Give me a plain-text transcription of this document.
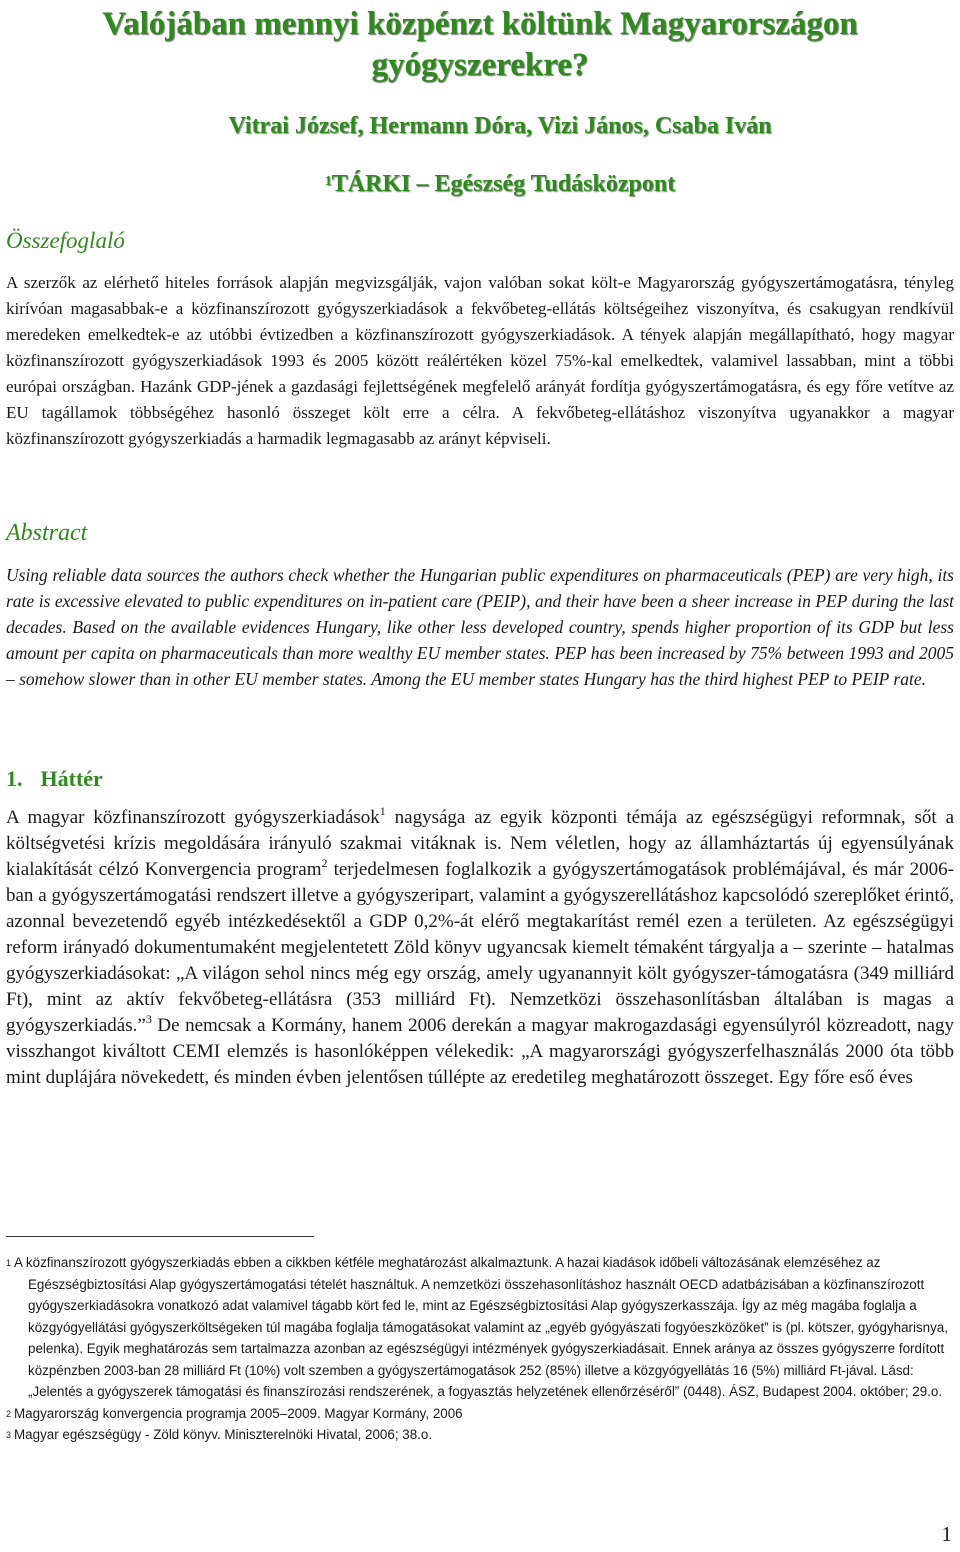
Valójában mennyi közpénzt költünk Magyarországon gyógyszerekre?
Vitrai József, Hermann Dóra, Vizi János, Csaba Iván
$^1$TÁRKI – Egészség Tudásközpont
Összefoglaló

A szerzők az elérhető hiteles források alapján megvizsgálják, vajon valóban sokat költ-e Magyarország gyógyszertámogatásra, tényleg kirívóan magasabbak-e a közfinanszírozott gyógyszerkiadások a fekvőbeteg-ellátás költségeihez viszonyítva, és csakugyan rendkívül meredeken emelkedtek-e az utóbbi évtizedben a közfinanszírozott gyógyszerkiadások. A tények alapján megállapítható, hogy magyar közfinanszírozott gyógyszerkiadások 1993 és 2005 között reálértéken közel 75%-kal emelkedtek, valamivel lassabban, mint a többi európai országban. Hazánk GDP-jének a gazdasági fejlettségének megfelelő arányát fordítja gyógyszertámogatásra, és egy főre vetítve az EU tagállamok többségéhez hasonló összeget költ erre a célra. A fekvőbeteg-ellátáshoz viszonyítva ugyanakkor a magyar közfinanszírozott gyógyszerkiadás a harmadik legmagasabb az arányt képviseli.

Abstract

Using reliable data sources the authors check whether the Hungarian public expenditures on pharmaceuticals (PEP) are very high, its rate is excessive elevated to public expenditures on in-patient care (PEIP), and their have been a sheer increase in PEP during the last decades. Based on the available evidences Hungary, like other less developed country, spends higher proportion of its GDP but less amount per capita on pharmaceuticals than more wealthy EU member states. PEP has been increased by 75% between 1993 and 2005 – somehow slower than in other EU member states. Among the EU member states Hungary has the third highest PEP to PEIP rate.

1. Háttér

A magyar közfinanszírozott gyógyszerkiadások$^1$ nagysága az egyik központi témája az egészségügyi reformnak, sőt a költségvetési krízis megoldására irányuló szakmai vitáknak is. Nem véletlen, hogy az államháztartás új egyensúlyának kialakítását célzó Konvergencia program$^2$ terjedelmesen foglalkozik a gyógyszertámogatások problémájával, és már 2006-ban a gyógyszertámogatási rendszert illetve a gyógyszeripart, valamint a gyógyszerellátáshoz kapcsolódó szereplőket érintő, azonnal bevezetendő egyéb intézkedésektől a GDP 0,2%-át elérő megtakarítást remél ezen a területen. Az egészségügyi reform irányadó dokumentumaként megjelentetett Zöld könyv ugyancsak kiemelt témaként tárgyalja a – szerinte – hatalmas gyógyszerkiadásokat: „A világon sehol nincs még egy ország, amely ugyanannyit költ gyógyszer-támogatásra (349 milliárd Ft), mint az aktív fekvőbeteg-ellátásra (353 milliárd Ft). Nemzetközi összehasonlításban általában is magas a gyógyszerkiadás.”$^3$ De nemcsak a Kormány, hanem 2006 derekán a magyar makrogazdasági egyensúlyról közreadott, nagy visszhangot kiváltott CEMI elemzés is hasonlóképpen vélekedik: „A magyarországi gyógyszerfelhasználás 2000 óta több mint duplájára növekedett, és minden évben jelentősen túllépte az eredetileg meghatározott összeget. Egy főre eső éves

$^1$ A közfinanszírozott gyógyszerkiadás ebben a cikkben kétféle meghatározást alkalmaztunk. A hazai kiadások időbeli változásának elemzéséhez az Egészségbiztosítási Alap gyógyszertámogatási tételét használtuk. A nemzetközi összehasonlításhoz használt OECD adatbázisában a közfinanszírozott gyógyszerkiadásokra vonatkozó adat valamivel tágabb kört fed le, mint az Egészségbiztosítási Alap gyógyszerkasszája. Így az még magába foglalja a közgyógyellátási gyógyszerköltségeken túl magába foglalja támogatásokat valamint az „egyéb gyógyászati fogyóeszközöket” is (pl. kötszer, gyógyharisnya, pelenka). Egyik meghatározás sem tartalmazza azonban az egészségügyi intézmények gyógyszerkiadásait. Ennek aránya az összes gyógyszerre fordított közpénzben 2003-ban 28 milliárd Ft (10%) volt szemben a gyógyszertámogatások 252 (85%) illetve a közgyógyellátás 16 (5%) milliárd Ft-jával. Lásd: „Jelentés a gyógyszerek támogatási és finanszírozási rendszerének, a fogyasztás helyzetének ellenőrzéséről” (0448). ÁSZ, Budapest 2004. október; 29.o.
$^2$ Magyarország konvergencia programja 2005–2009. Magyar Kormány, 2006
$^3$ Magyar egészségügy - Zöld könyv. Miniszterelnöki Hivatal, 2006; 38.o.
1
